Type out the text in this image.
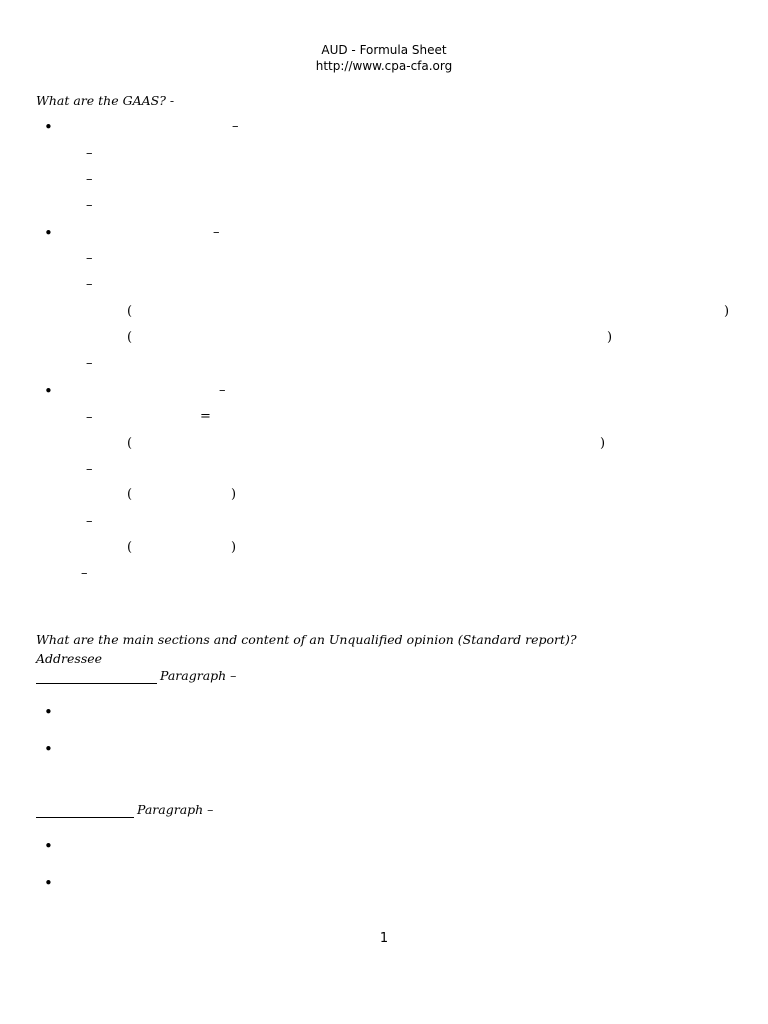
AUD - Formula Sheet
http://www.cpa-cfa.org
What are the GAAS? -
•	–
–
–
–
•	–
–
–
(	)
(	)
–
•	–
–	=
(	)
–
(	)
–
(	)
–
What are the main sections and content of an Unqualified opinion (Standard report)?
Addressee
Paragraph –
•
•
Paragraph –
•
•
1
